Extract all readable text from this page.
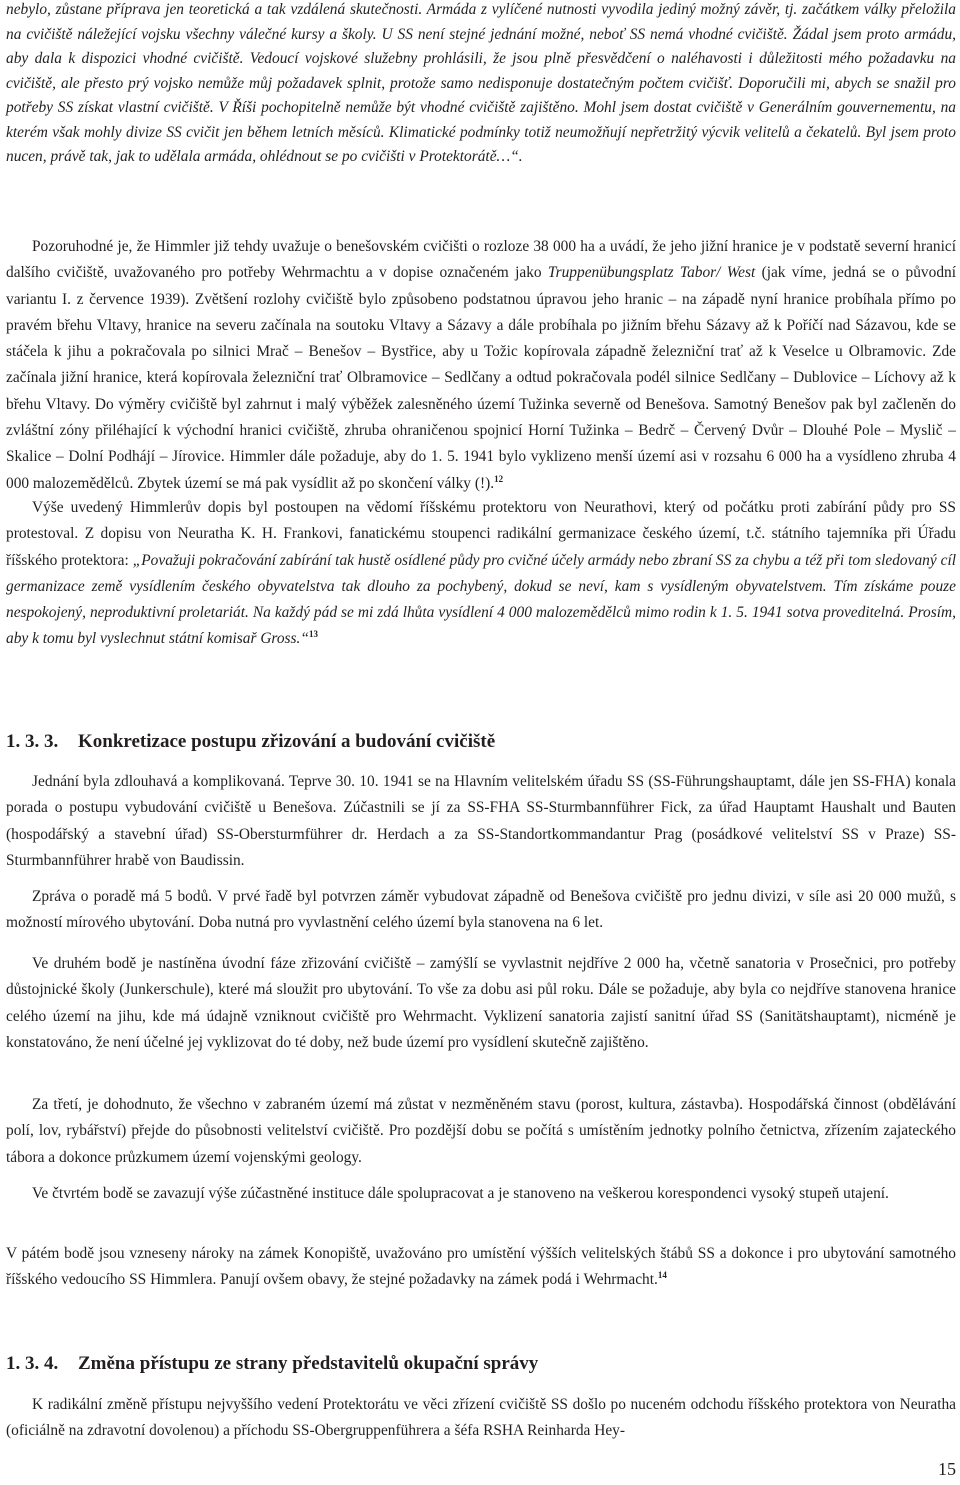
nebylo, zůstane příprava jen teoretická a tak vzdálená skutečnosti. Armáda z vylíčené nutnosti vyvodila jediný možný závěr, tj. začátkem války přeložila na cvičiště náležející vojsku všechny válečné kursy a školy. U SS není stejné jednání možné, neboť SS nemá vhodné cvičiště. Žádal jsem proto armádu, aby dala k dispozici vhodné cvičiště. Vedoucí vojskové služebny prohlásili, že jsou plně přesvědčení o naléhavosti i důležitosti mého požadavku na cvičiště, ale přesto prý vojsko nemůže můj požadavek splnit, protože samo nedisponuje dostatečným počtem cvičišť. Doporučili mi, abych se snažil pro potřeby SS získat vlastní cvičiště. V Říši pochopitelně nemůže být vhodné cvičiště zajištěno. Mohl jsem dostat cvičiště v Generálním gouvernementu, na kterém však mohly divize SS cvičit jen během letních měsíců. Klimatické podmínky totiž neumožňují nepřetržitý výcvik velitelů a čekatelů. Byl jsem proto nucen, právě tak, jak to udělala armáda, ohlédnout se po cvičišti v Protektorátě…“.

Pozoruhodné je, že Himmler již tehdy uvažuje o benešovském cvičišti o rozloze 38 000 ha a uvádí, že jeho jižní hranice je v podstatě severní hranicí dalšího cvičiště, uvažovaného pro potřeby Wehrmachtu a v dopise označeném jako Truppenübungsplatz Tabor/ West (jak víme, jedná se o původní variantu I. z července 1939). Zvětšení rozlohy cvičiště bylo způsobeno podstatnou úpravou jeho hranic – na západě nyní hranice probíhala přímo po pravém břehu Vltavy, hranice na severu začínala na soutoku Vltavy a Sázavy a dále probíhala po jižním břehu Sázavy až k Poříčí nad Sázavou, kde se stáčela k jihu a pokračovala po silnici Mrač – Benešov – Bystřice, aby u Tožic kopírovala západně železniční trať až k Veselce u Olbramovic. Zde začínala jižní hranice, která kopírovala železniční trať Olbramovice – Sedlčany a odtud pokračovala podél silnice Sedlčany – Dublovice – Líchovy až k břehu Vltavy. Do výměry cvičiště byl zahrnut i malý výběžek zalesněného území Tužinka severně od Benešova. Samotný Benešov pak byl začleněn do zvláštní zóny přiléhající k východní hranici cvičiště, zhruba ohraničenou spojnicí Horní Tužinka – Bedrč – Červený Dvůr – Dlouhé Pole – Myslič – Skalice – Dolní Podhájí – Jírovice. Himmler dále požaduje, aby do 1. 5. 1941 bylo vyklizeno menší území asi v rozsahu 6 000 ha a vysídleno zhruba 4 000 malozemědělců. Zbytek území se má pak vysídlit až po skončení války (!).$^{12}$

Výše uvedený Himmlerův dopis byl postoupen na vědomí říšskému protektoru von Neurathovi, který od počátku proti zabírání půdy pro SS protestoval. Z dopisu von Neuratha K. H. Frankovi, fanatickému stoupenci radikální germanizace českého území, t.č. státního tajemníka při Úřadu říšského protektora: „Považuji pokračování zabírání tak hustě osídlené půdy pro cvičné účely armády nebo zbraní SS za chybu a též při tom sledovaný cíl germanizace země vysídlením českého obyvatelstva tak dlouho za pochybený, dokud se neví, kam s vysídleným obyvatelstvem. Tím získáme pouze nespokojený, neproduktivní proletariát. Na každý pád se mi zdá lhůta vysídlení 4 000 malozemědělců mimo rodin k 1. 5. 1941 sotva proveditelná. Prosím, aby k tomu byl vyslechnut státní komisař Gross.“$^{13}$

1. 3. 3. Konkretizace postupu zřizování a budování cvičiště

Jednání byla zdlouhavá a komplikovaná. Teprve 30. 10. 1941 se na Hlavním velitelském úřadu SS (SS-Führungshauptamt, dále jen SS-FHA) konala porada o postupu vybudování cvičiště u Benešova. Zúčastnili se jí za SS-FHA SS-Sturmbannführer Fick, za úřad Hauptamt Haushalt und Bauten (hospodářský a stavební úřad) SS-Obersturmführer dr. Herdach a za SS-Standortkommandantur Prag (posádkové velitelství SS v Praze) SS-Sturmbannführer hrabě von Baudissin.

Zpráva o poradě má 5 bodů. V prvé řadě byl potvrzen záměr vybudovat západně od Benešova cvičiště pro jednu divizi, v síle asi 20 000 mužů, s možností mírového ubytování. Doba nutná pro vyvlastnění celého území byla stanovena na 6 let.

Ve druhém bodě je nastíněna úvodní fáze zřizování cvičiště – zamýšlí se vyvlastnit nejdříve 2 000 ha, včetně sanatoria v Prosečnici, pro potřeby důstojnické školy (Junkerschule), které má sloužit pro ubytování. To vše za dobu asi půl roku. Dále se požaduje, aby byla co nejdříve stanovena hranice celého území na jihu, kde má údajně vzniknout cvičiště pro Wehrmacht. Vyklizení sanatoria zajistí sanitní úřad SS (Sanitätshauptamt), nicméně je konstatováno, že není účelné jej vyklizovat do té doby, než bude území pro vysídlení skutečně zajištěno.

Za třetí, je dohodnuto, že všechno v zabraném území má zůstat v nezměněném stavu (porost, kultura, zástavba). Hospodářská činnost (obdělávání polí, lov, rybářství) přejde do působnosti velitelství cvičiště. Pro pozdější dobu se počítá s umístěním jednotky polního četnictva, zřízením zajateckého tábora a dokonce průzkumem území vojenskými geology.

Ve čtvrtém bodě se zavazují výše zúčastněné instituce dále spolupracovat a je stanoveno na veškerou korespondenci vysoký stupeň utajení.

V pátém bodě jsou vzneseny nároky na zámek Konopiště, uvažováno pro umístění výšších velitelských štábů SS a dokonce i pro ubytování samotného říšského vedoucího SS Himmlera. Panují ovšem obavy, že stejné požadavky na zámek podá i Wehrmacht.$^{14}$

1. 3. 4. Změna přístupu ze strany představitelů okupační správy

K radikální změně přístupu nejvyššího vedení Protektorátu ve věci zřízení cvičiště SS došlo po nuceném odchodu říšského protektora von Neuratha (oficiálně na zdravotní dovolenou) a příchodu SS-Obergruppenführera a šéfa RSHA Reinharda Hey-

15
